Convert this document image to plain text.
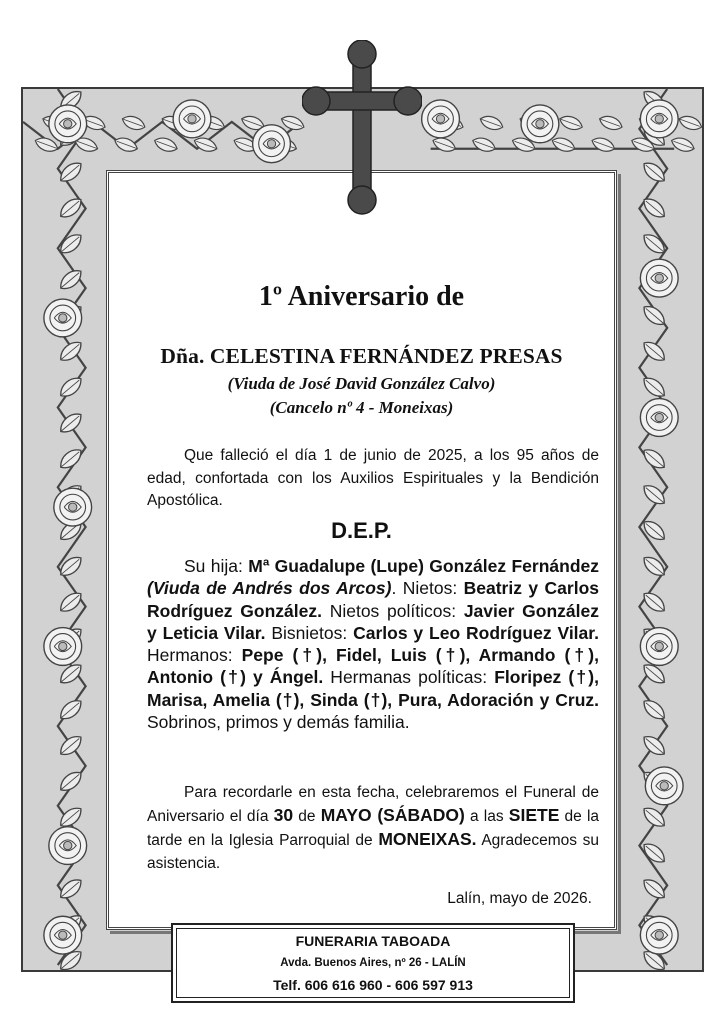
1º Aniversario de
Dña. CELESTINA FERNÁNDEZ PRESAS
(Viuda de José David González Calvo)
(Cancelo nº 4 - Moneixas)
Que falleció el día 1 de junio de 2025, a los 95 años de edad, confortada con los Auxilios Espirituales y la Bendición Apostólica.
D.E.P.
Su hija: Mª Guadalupe (Lupe) González Fernández (Viuda de Andrés dos Arcos). Nietos: Beatriz y Carlos Rodríguez González. Nietos políticos: Javier González y Leticia Vilar. Bisnietos: Carlos y Leo Rodríguez Vilar. Hermanos: Pepe (†), Fidel, Luis (†), Armando (†), Antonio (†) y Ángel. Hermanas políticas: Floripez (†), Marisa, Amelia (†), Sinda (†), Pura, Adoración y Cruz. Sobrinos, primos y demás familia.
Para recordarle en esta fecha, celebraremos el Funeral de Aniversario el día 30 de MAYO (SÁBADO) a las SIETE de la tarde en la Iglesia Parroquial de MONEIXAS. Agradecemos su asistencia.
Lalín, mayo de 2026.
FUNERARIA TABOADA
Avda. Buenos Aires, nº 26 - LALÍN
Telf. 606 616 960 - 606 597 913
